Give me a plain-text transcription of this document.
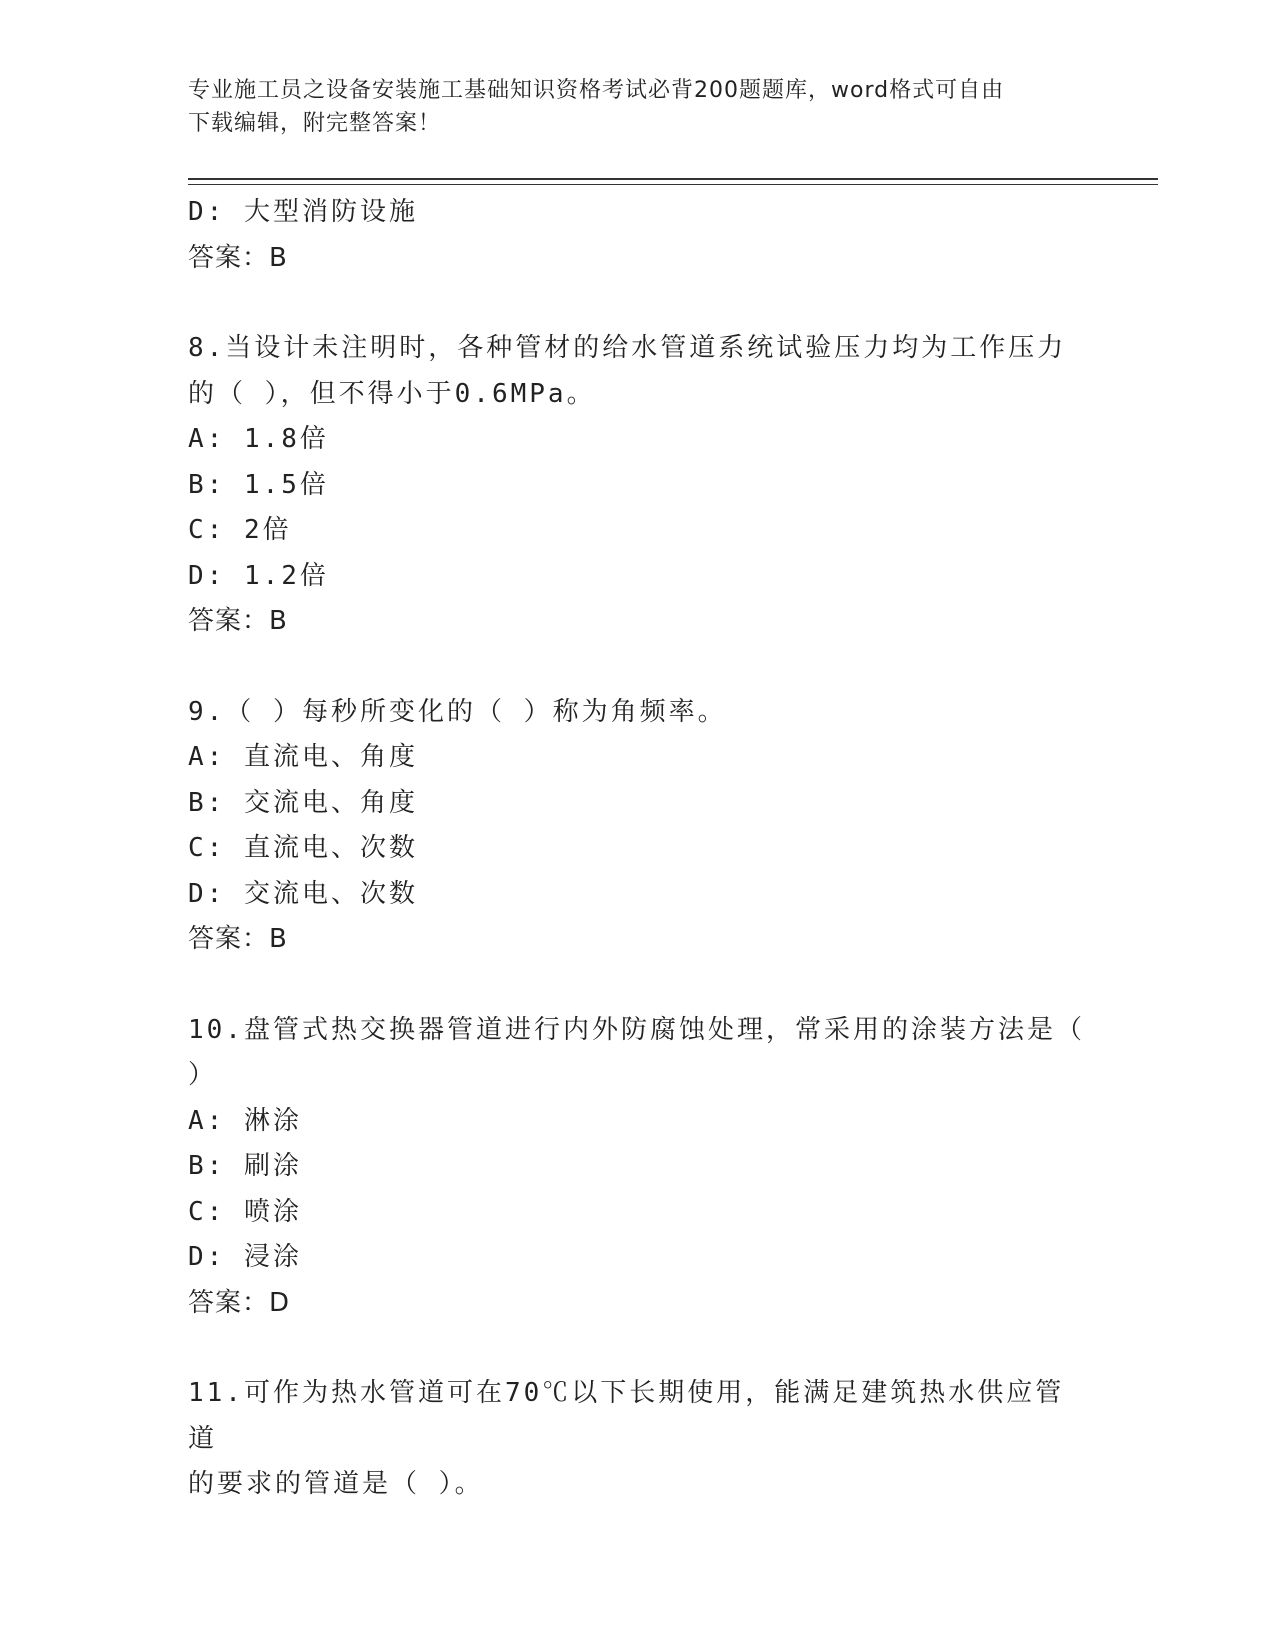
专业施工员之设备安装施工基础知识资格考试必背200题题库，word格式可自由
下载编辑，附完整答案！
D: 大型消防设施
答案：B
8.当设计未注明时，各种管材的给水管道系统试验压力均为工作压力
的（ ），但不得小于0.6MPa。
A: 1.8倍
B: 1.5倍
C: 2倍
D: 1.2倍
答案：B
9.（ ）每秒所变化的（ ）称为角频率。
A: 直流电、角度
B: 交流电、角度
C: 直流电、次数
D: 交流电、次数
答案：B
10.盘管式热交换器管道进行内外防腐蚀处理，常采用的涂装方法是（
）
A: 淋涂
B: 刷涂
C: 喷涂
D: 浸涂
答案：D
11.可作为热水管道可在70℃以下长期使用，能满足建筑热水供应管道
的要求的管道是（ ）。
